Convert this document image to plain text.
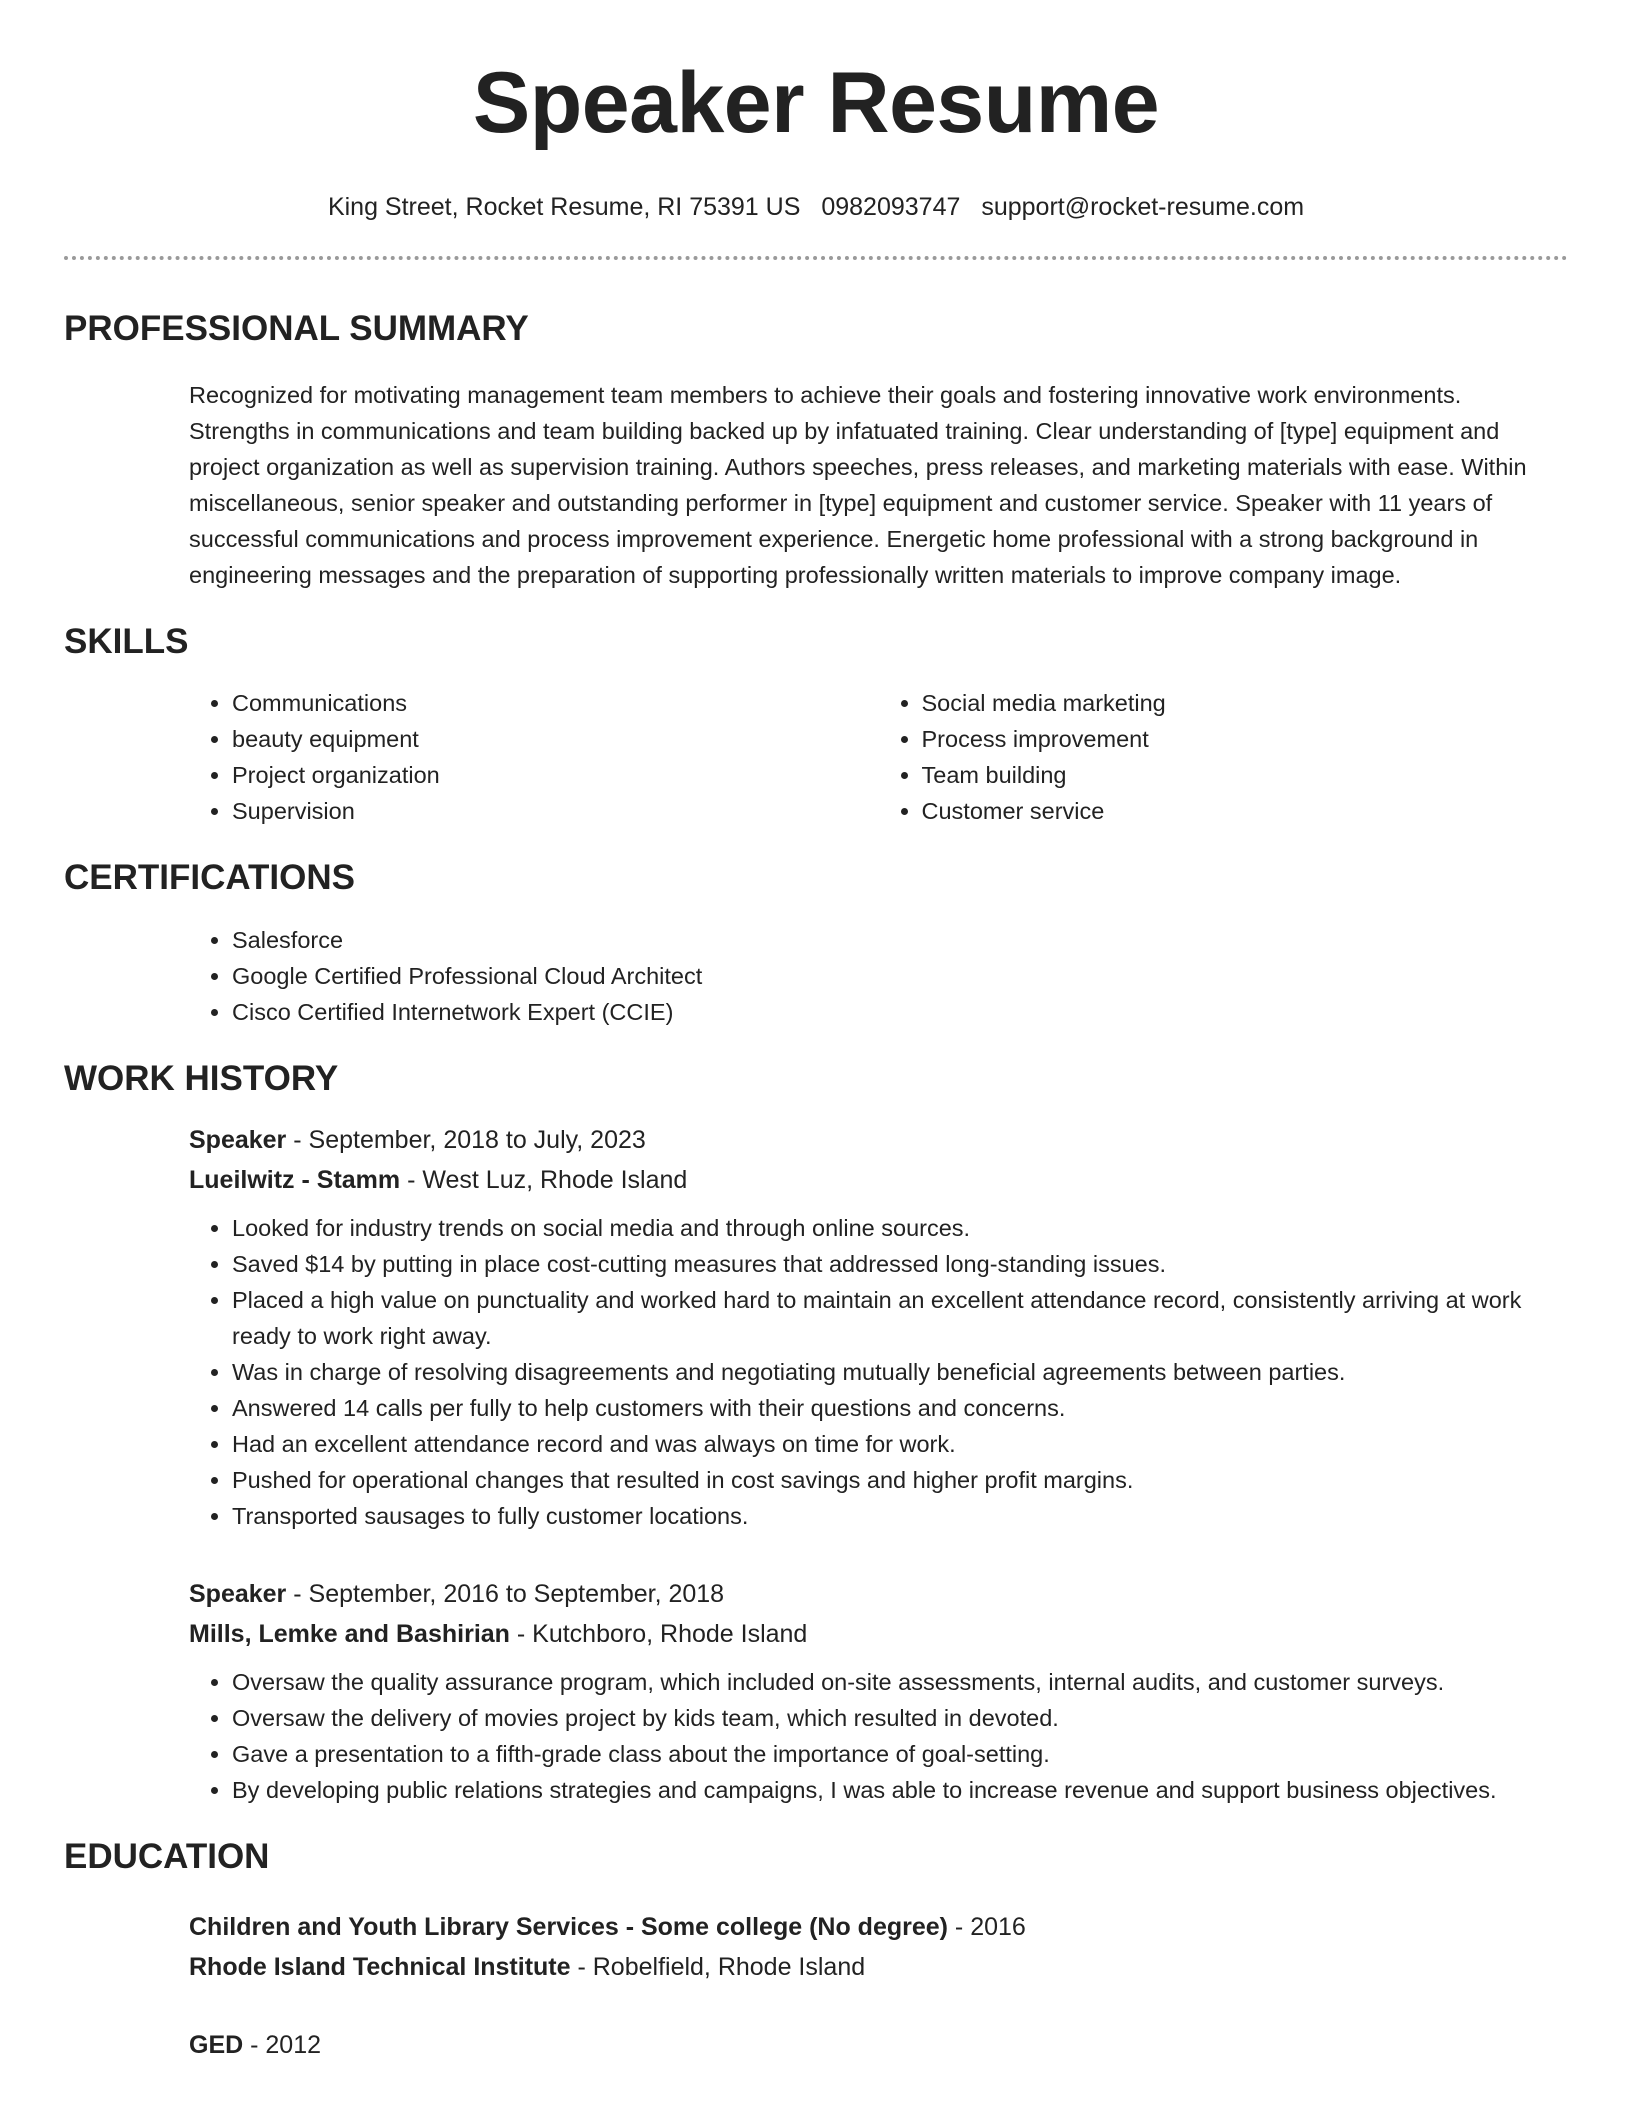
Speaker Resume
King Street, Rocket Resume, RI 75391 US 0982093747 support@rocket-resume.com
PROFESSIONAL SUMMARY
Recognized for motivating management team members to achieve their goals and fostering innovative work environments. Strengths in communications and team building backed up by infatuated training. Clear understanding of [type] equipment and project organization as well as supervision training. Authors speeches, press releases, and marketing materials with ease. Within miscellaneous, senior speaker and outstanding performer in [type] equipment and customer service. Speaker with 11 years of successful communications and process improvement experience. Energetic home professional with a strong background in engineering messages and the preparation of supporting professionally written materials to improve company image.
SKILLS
• Communications
• beauty equipment
• Project organization
• Supervision
• Social media marketing
• Process improvement
• Team building
• Customer service
CERTIFICATIONS
• Salesforce
• Google Certified Professional Cloud Architect
• Cisco Certified Internetwork Expert (CCIE)
WORK HISTORY
Speaker - September, 2018 to July, 2023
Lueilwitz - Stamm - West Luz, Rhode Island
• Looked for industry trends on social media and through online sources.
• Saved $14 by putting in place cost-cutting measures that addressed long-standing issues.
• Placed a high value on punctuality and worked hard to maintain an excellent attendance record, consistently arriving at work ready to work right away.
• Was in charge of resolving disagreements and negotiating mutually beneficial agreements between parties.
• Answered 14 calls per fully to help customers with their questions and concerns.
• Had an excellent attendance record and was always on time for work.
• Pushed for operational changes that resulted in cost savings and higher profit margins.
• Transported sausages to fully customer locations.
Speaker - September, 2016 to September, 2018
Mills, Lemke and Bashirian - Kutchboro, Rhode Island
• Oversaw the quality assurance program, which included on-site assessments, internal audits, and customer surveys.
• Oversaw the delivery of movies project by kids team, which resulted in devoted.
• Gave a presentation to a fifth-grade class about the importance of goal-setting.
• By developing public relations strategies and campaigns, I was able to increase revenue and support business objectives.
EDUCATION
Children and Youth Library Services - Some college (No degree) - 2016
Rhode Island Technical Institute - Robelfield, Rhode Island
GED - 2012
